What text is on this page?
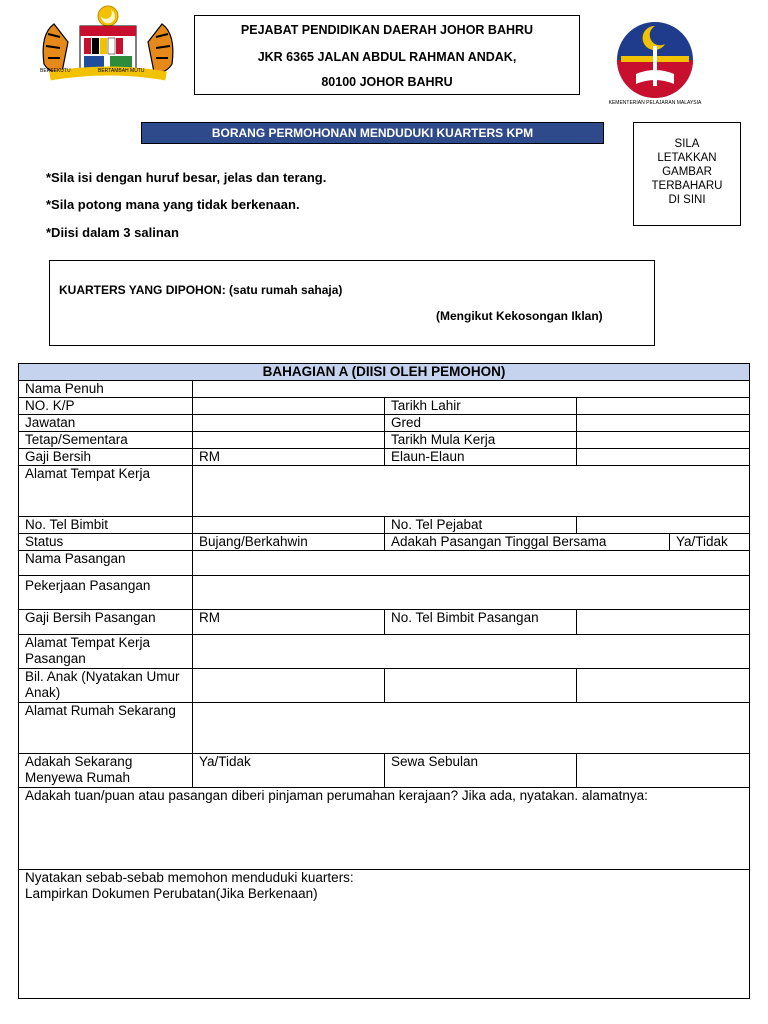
BERSEKUTU	BERTAMBAH MUTU
PEJABAT PENDIDIKAN DAERAH JOHOR BAHRU
JKR 6365 JALAN ABDUL RAHMAN ANDAK,
80100 JOHOR BAHRU
KEMENTERIAN PELAJARAN MALAYSIA
BORANG PERMOHONAN MENDUDUKI KUARTERS KPM
SILA
LETAKKAN
GAMBAR
TERBAHARU
DI SINI
*Sila isi dengan huruf besar, jelas dan terang.
*Sila potong mana yang tidak berkenaan.
*Diisi dalam 3 salinan
KUARTERS YANG DIPOHON: (satu rumah sahaja)
(Mengikut Kekosongan Iklan)
BAHAGIAN A (DIISI OLEH PEMOHON)				
Nama Penuh				
NO. K/P		Tarikh Lahir		
Jawatan		Gred		
Tetap/Sementara		Tarikh Mula Kerja		
Gaji Bersih	RM	Elaun-Elaun		
Alamat Tempat Kerja				
No. Tel Bimbit		No. Tel Pejabat		
Status	Bujang/Berkahwin	Adakah Pasangan Tinggal Bersama		Ya/Tidak
Nama Pasangan				
Pekerjaan Pasangan				
Gaji Bersih Pasangan	RM	No. Tel Bimbit Pasangan		
Alamat Tempat Kerja Pasangan				
Bil. Anak (Nyatakan Umur Anak)				
Alamat Rumah Sekarang				
Adakah Sekarang Menyewa Rumah	Ya/Tidak	Sewa Sebulan		
Adakah tuan/puan atau pasangan diberi pinjaman perumahan kerajaan? Jika ada, nyatakan. alamatnya:				

Nyatakan sebab-sebab memohon menduduki kuarters:
Lampirkan Dokumen Perubatan(Jika Berkenaan)				
